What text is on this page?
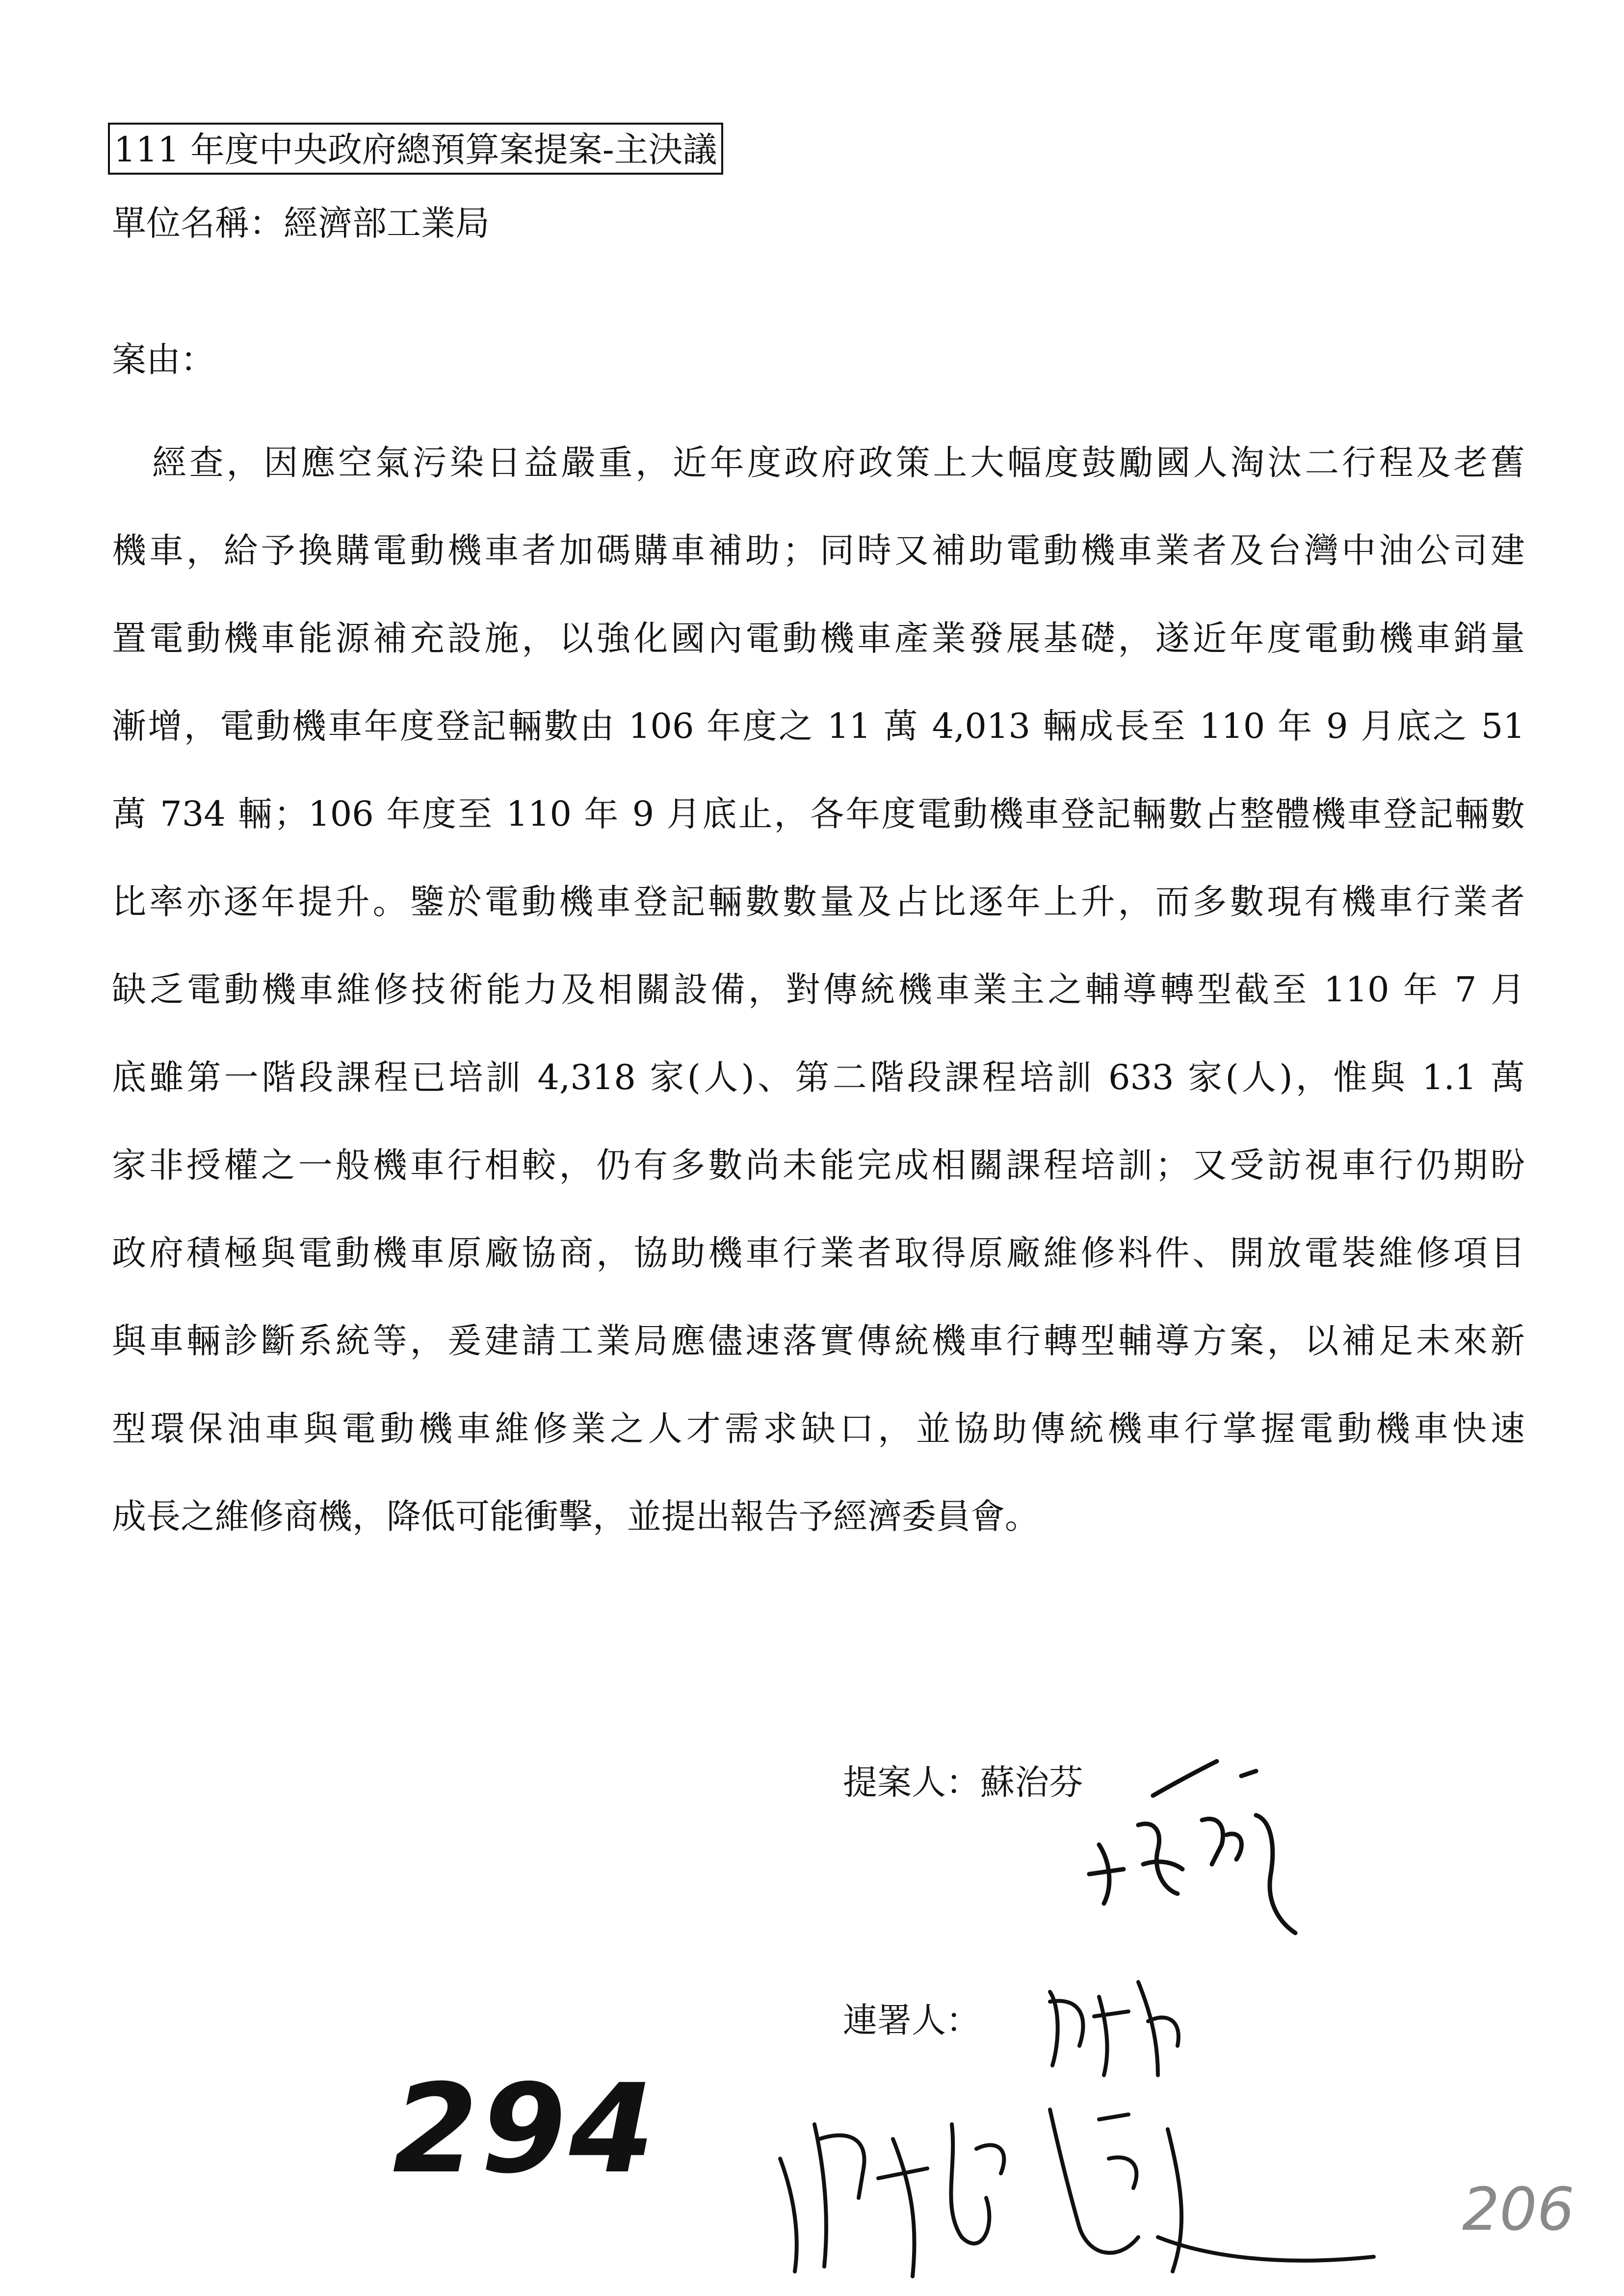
111 年度中央政府總預算案提案-主決議
單位名稱：經濟部工業局
案由：
經查，因應空氣污染日益嚴重，近年度政府政策上大幅度鼓勵國人淘汰二行程及老舊
機車，給予換購電動機車者加碼購車補助；同時又補助電動機車業者及台灣中油公司建
置電動機車能源補充設施，以強化國內電動機車產業發展基礎，遂近年度電動機車銷量
漸增，電動機車年度登記輛數由 106 年度之 11 萬 4,013 輛成長至 110 年 9 月底之 51
萬 734 輛；106 年度至 110 年 9 月底止，各年度電動機車登記輛數占整體機車登記輛數
比率亦逐年提升。鑒於電動機車登記輛數數量及占比逐年上升，而多數現有機車行業者
缺乏電動機車維修技術能力及相關設備，對傳統機車業主之輔導轉型截至 110 年 7 月
底雖第一階段課程已培訓 4,318 家(人)、第二階段課程培訓 633 家(人)，惟與 1.1 萬
家非授權之一般機車行相較，仍有多數尚未能完成相關課程培訓；又受訪視車行仍期盼
政府積極與電動機車原廠協商，協助機車行業者取得原廠維修料件、開放電裝維修項目
與車輛診斷系統等，爰建請工業局應儘速落實傳統機車行轉型輔導方案，以補足未來新
型環保油車與電動機車維修業之人才需求缺口，並協助傳統機車行掌握電動機車快速
成長之維修商機，降低可能衝擊，並提出報告予經濟委員會。
提案人：蘇治芬
連署人：
294
206
